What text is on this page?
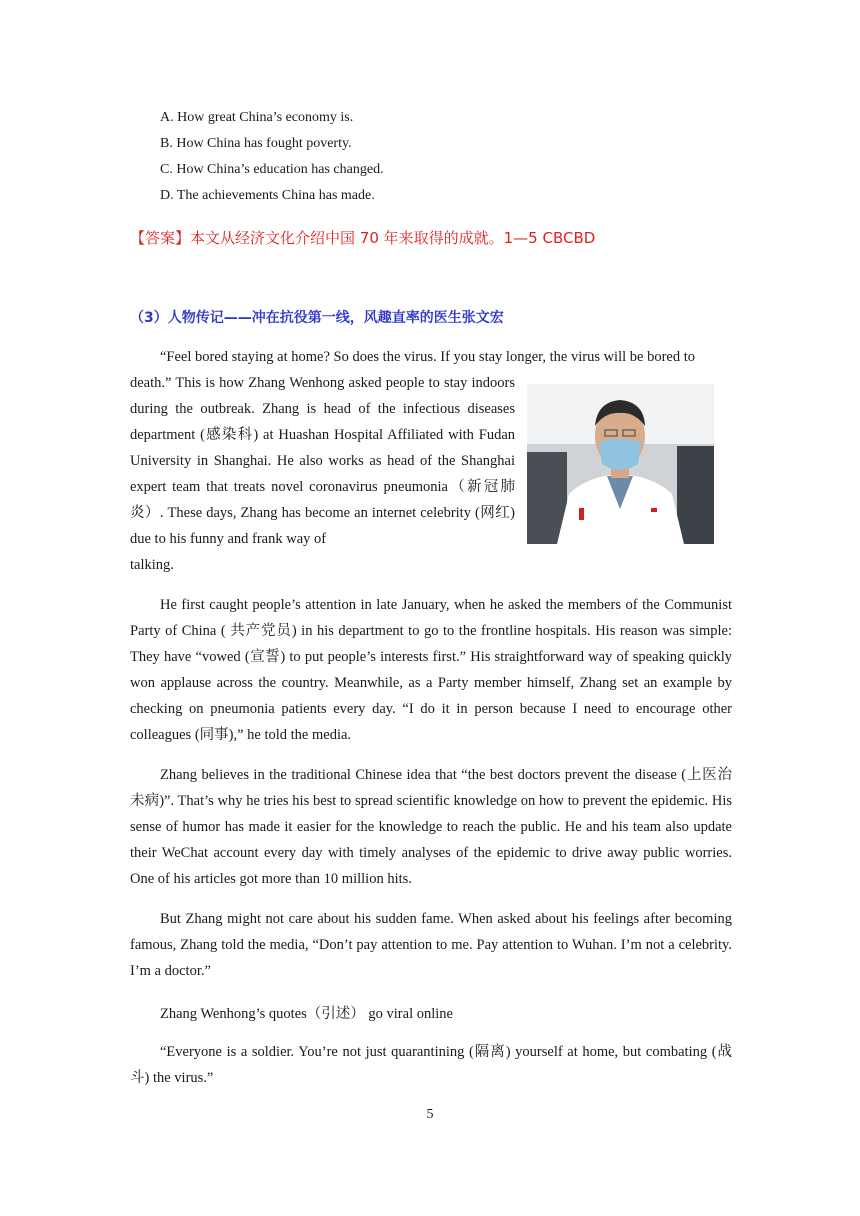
A. How great China’s economy is.
B. How China has fought poverty.
C. How China’s education has changed.
D. The achievements China has made.
【答案】本文从经济文化介绍中国 70 年来取得的成就。1—5 CBCBD
（3）人物传记——冲在抗役第一线，风趣直率的医生张文宏

“Feel bored staying at home? So does the virus. If you stay longer, the virus will be bored to

death.” This is how Zhang Wenhong asked people to stay indoors during the outbreak. Zhang is head of the infectious diseases department (感染科) at Huashan Hospital Affiliated with Fudan University in Shanghai. He also works as head of the Shanghai expert team that treats novel coronavirus pneumonia（新冠肺炎）. These days, Zhang has become an internet celebrity (网红) due to his funny and frank way of

talking.

He first caught people’s attention in late January, when he asked the members of the Communist Party of China ( 共产党员) in his department to go to the frontline hospitals. His reason was simple: They have “vowed (宣誓) to put people’s interests first.” His straightforward way of speaking quickly won applause across the country. Meanwhile, as a Party member himself, Zhang set an example by checking on pneumonia patients every day. “I do it in person because I need to encourage other colleagues (同事),” he told the media.

Zhang believes in the traditional Chinese idea that “the best doctors prevent the disease (上医治未病)”. That’s why he tries his best to spread scientific knowledge on how to prevent the epidemic. His sense of humor has made it easier for the knowledge to reach the public. He and his team also update their WeChat account every day with timely analyses of the epidemic to drive away public worries. One of his articles got more than 10 million hits.

But Zhang might not care about his sudden fame. When asked about his feelings after becoming famous, Zhang told the media, “Don’t pay attention to me. Pay attention to Wuhan. I’m not a celebrity. I’m a doctor.”

Zhang Wenhong’s quotes（引述） go viral online

“Everyone is a soldier. You’re not just quarantining (隔离) yourself at home, but combating (战斗) the virus.”

5
